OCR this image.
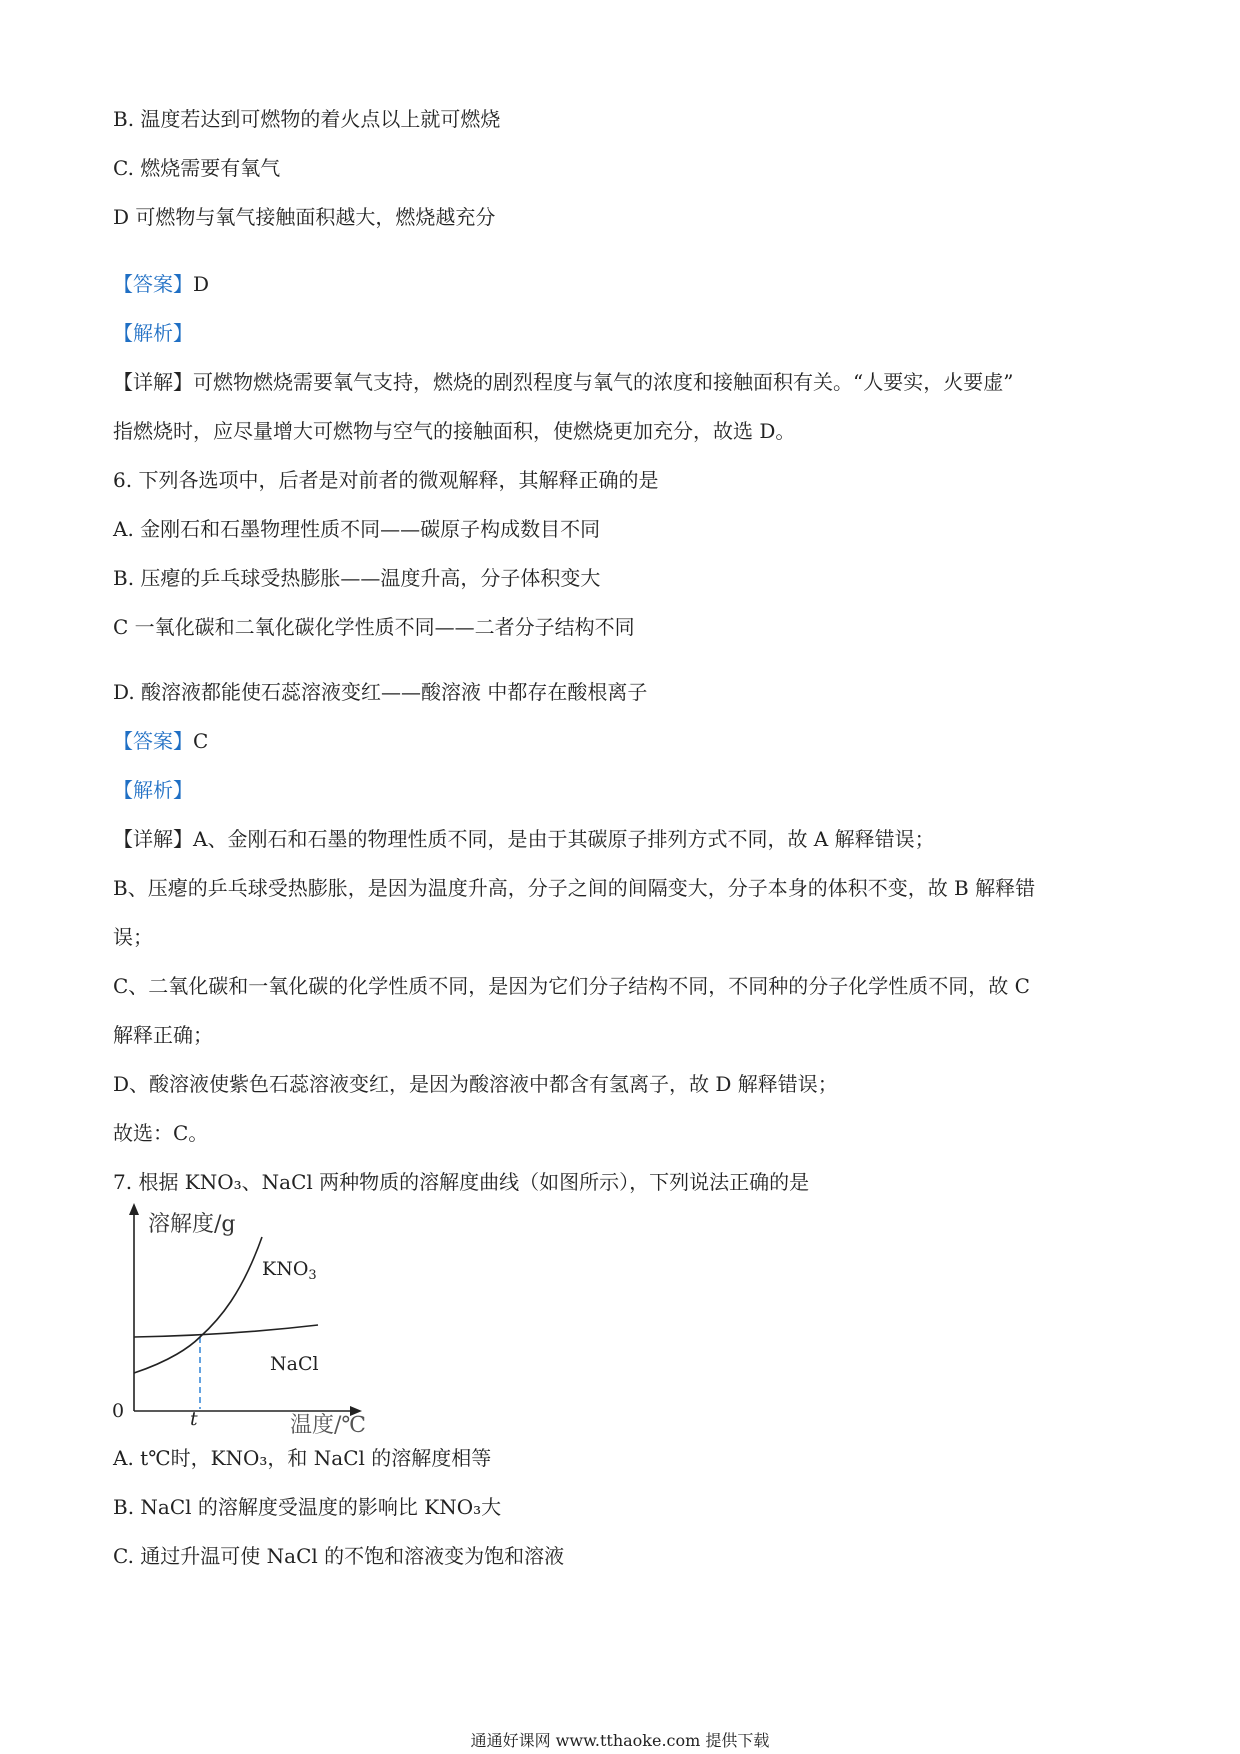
B. 温度若达到可燃物的着火点以上就可燃烧
C. 燃烧需要有氧气
D 可燃物与氧气接触面积越大，燃烧越充分
【答案】D
【解析】
【详解】可燃物燃烧需要氧气支持，燃烧的剧烈程度与氧气的浓度和接触面积有关。“人要实，火要虚”
指燃烧时，应尽量增大可燃物与空气的接触面积，使燃烧更加充分，故选 D。
6. 下列各选项中，后者是对前者的微观解释，其解释正确的是
A. 金刚石和石墨物理性质不同——碳原子构成数目不同
B. 压瘪的乒乓球受热膨胀——温度升高，分子体积变大
C 一氧化碳和二氧化碳化学性质不同——二者分子结构不同
D. 酸溶液都能使石蕊溶液变红——酸溶液 中都存在酸根离子
【答案】C
【解析】
【详解】A、金刚石和石墨的物理性质不同，是由于其碳原子排列方式不同，故 A 解释错误；
B、压瘪的乒乓球受热膨胀，是因为温度升高，分子之间的间隔变大，分子本身的体积不变，故 B 解释错
误；
C、二氧化碳和一氧化碳的化学性质不同，是因为它们分子结构不同，不同种的分子化学性质不同，故 C
解释正确；
D、酸溶液使紫色石蕊溶液变红，是因为酸溶液中都含有氢离子，故 D 解释错误；
故选：C。
7. 根据 KNO₃、NaCl 两种物质的溶解度曲线（如图所示），下列说法正确的是
溶解度/g
温度/℃
0	t
$KNO_3$
NaCl
A. t℃时，KNO₃，和 NaCl 的溶解度相等
B. NaCl 的溶解度受温度的影响比 KNO₃大
C. 通过升温可使 NaCl 的不饱和溶液变为饱和溶液
通通好课网 www.tthaoke.com 提供下载
